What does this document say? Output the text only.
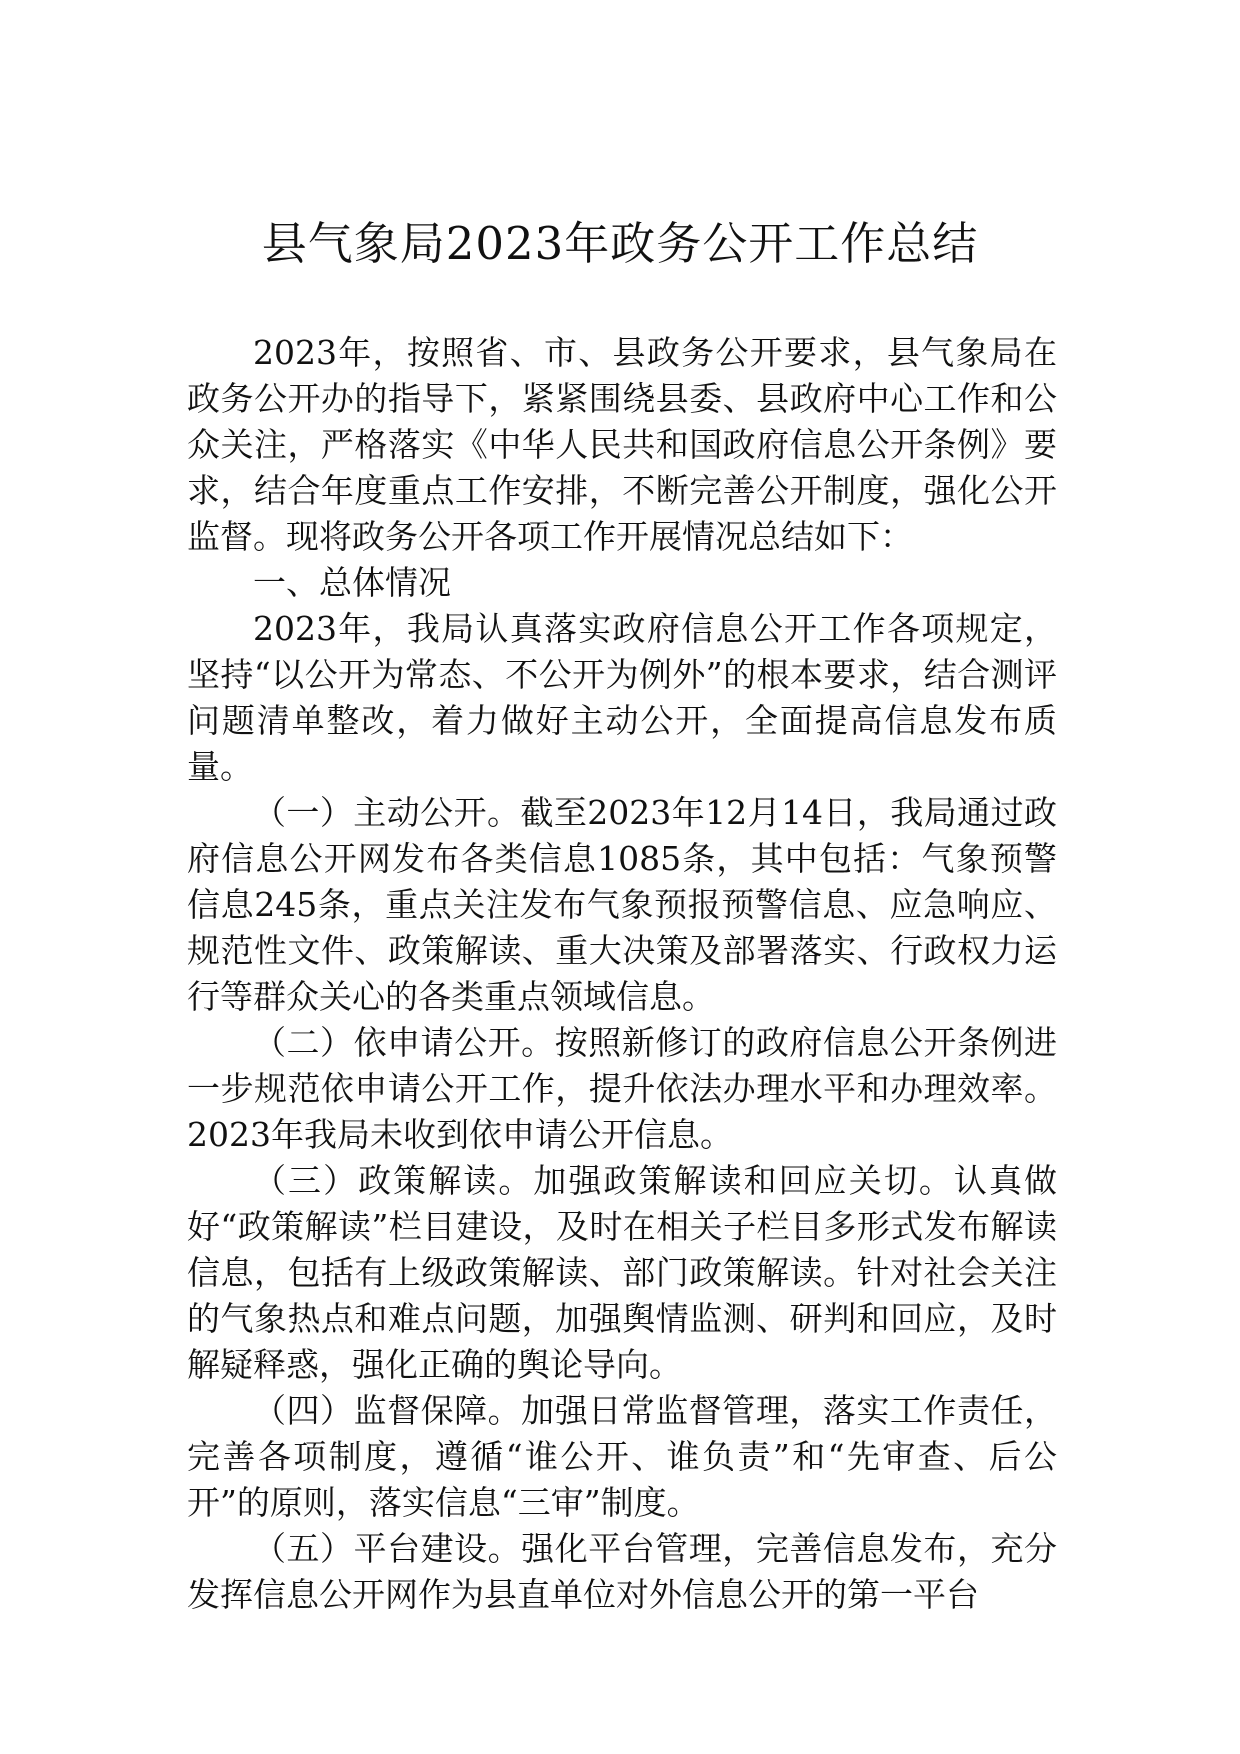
县气象局2023年政务公开工作总结

2023年，按照省、市、县政务公开要求，县气象局在政务公开办的指导下，紧紧围绕县委、县政府中心工作和公众关注，严格落实《中华人民共和国政府信息公开条例》要求，结合年度重点工作安排，不断完善公开制度，强化公开监督。现将政务公开各项工作开展情况总结如下：

一、总体情况

2023年，我局认真落实政府信息公开工作各项规定，坚持“以公开为常态、不公开为例外”的根本要求，结合测评问题清单整改，着力做好主动公开，全面提高信息发布质量。

（一）主动公开。截至2023年12月14日，我局通过政府信息公开网发布各类信息1085条，其中包括：气象预警信息245条，重点关注发布气象预报预警信息、应急响应、规范性文件、政策解读、重大决策及部署落实、行政权力运行等群众关心的各类重点领域信息。

（二）依申请公开。按照新修订的政府信息公开条例进一步规范依申请公开工作，提升依法办理水平和办理效率。2023年我局未收到依申请公开信息。

（三）政策解读。加强政策解读和回应关切。认真做好“政策解读”栏目建设，及时在相关子栏目多形式发布解读信息，包括有上级政策解读、部门政策解读。针对社会关注的气象热点和难点问题，加强舆情监测、研判和回应，及时解疑释惑，强化正确的舆论导向。

（四）监督保障。加强日常监督管理，落实工作责任，完善各项制度，遵循“谁公开、谁负责”和“先审查、后公开”的原则，落实信息“三审”制度。

（五）平台建设。强化平台管理，完善信息发布，充分发挥信息公开网作为县直单位对外信息公开的第一平台
